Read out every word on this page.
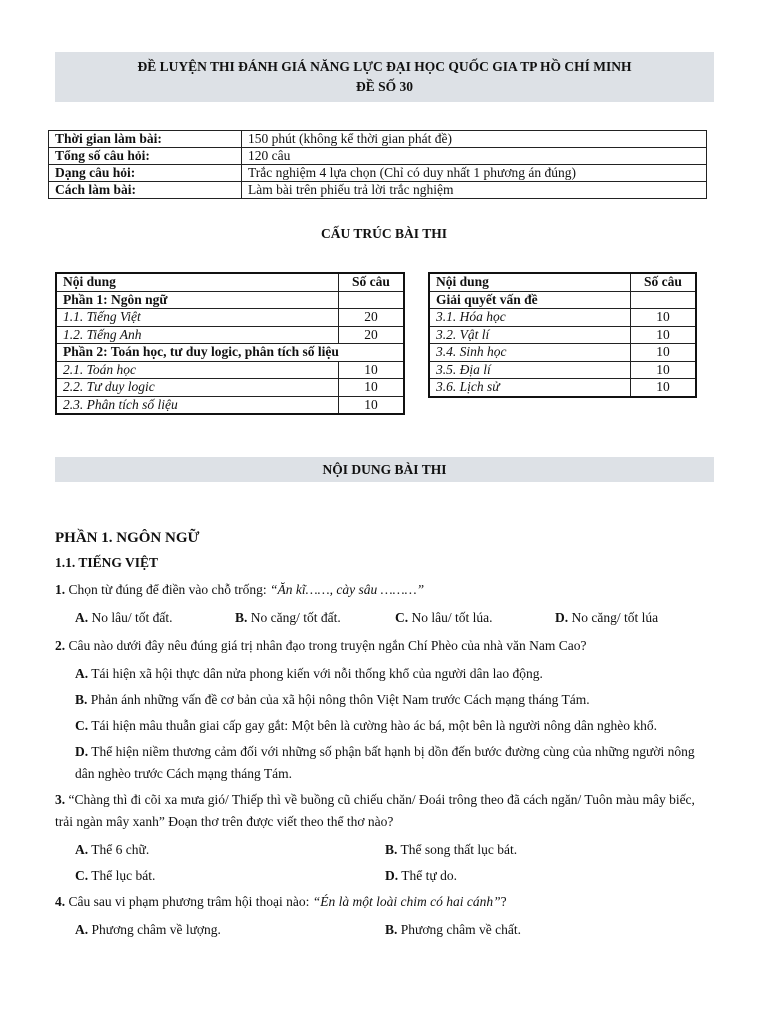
ĐỀ LUYỆN THI ĐÁNH GIÁ NĂNG LỰC ĐẠI HỌC QUỐC GIA TP HỒ CHÍ MINH
ĐỀ SỐ 30
Thời gian làm bài:	150 phút (không kể thời gian phát đề)
Tổng số câu hỏi:	120 câu
Dạng câu hỏi:	Trắc nghiệm 4 lựa chọn (Chỉ có duy nhất 1 phương án đúng)
Cách làm bài:	Làm bài trên phiếu trả lời trắc nghiệm
CẤU TRÚC BÀI THI
Nội dung	Số câu
Phần 1: Ngôn ngữ	
1.1. Tiếng Việt	20
1.2. Tiếng Anh	20
Phần 2: Toán học, tư duy logic, phân tích số liệu	
2.1. Toán học	10
2.2. Tư duy logic	10
2.3. Phân tích số liệu	10
Nội dung	Số câu
Giải quyết vấn đề	
3.1. Hóa học	10
3.2. Vật lí	10
3.4. Sinh học	10
3.5. Địa lí	10
3.6. Lịch sử	10
NỘI DUNG BÀI THI
PHẦN 1. NGÔN NGỮ
1.1. TIẾNG VIỆT
1. Chọn từ đúng để điền vào chỗ trống: “Ăn kĩ……, cày sâu ………”
A. No lâu/ tốt đất.	B. No căng/ tốt đất.	C. No lâu/ tốt lúa.	D. No căng/ tốt lúa
2. Câu nào dưới đây nêu đúng giá trị nhân đạo trong truyện ngắn Chí Phèo của nhà văn Nam Cao?
A. Tái hiện xã hội thực dân nửa phong kiến với nỗi thống khổ của người dân lao động.
B. Phản ánh những vấn đề cơ bản của xã hội nông thôn Việt Nam trước Cách mạng tháng Tám.
C. Tái hiện mâu thuẫn giai cấp gay gắt: Một bên là cường hào ác bá, một bên là người nông dân nghèo khổ.
D. Thể hiện niềm thương cảm đối với những số phận bất hạnh bị dồn đến bước đường cùng của những người nông dân nghèo trước Cách mạng tháng Tám.
3. “Chàng thì đi cõi xa mưa gió/ Thiếp thì về buồng cũ chiếu chăn/ Đoái trông theo đã cách ngăn/ Tuôn màu mây biếc, trải ngàn mây xanh” Đoạn thơ trên được viết theo thể thơ nào?
A. Thể 6 chữ.	B. Thể song thất lục bát.
C. Thể lục bát.	D. Thể tự do.
4. Câu sau vi phạm phương trâm hội thoại nào: “Én là một loài chim có hai cánh”?
A. Phương châm về lượng.	B. Phương châm về chất.
